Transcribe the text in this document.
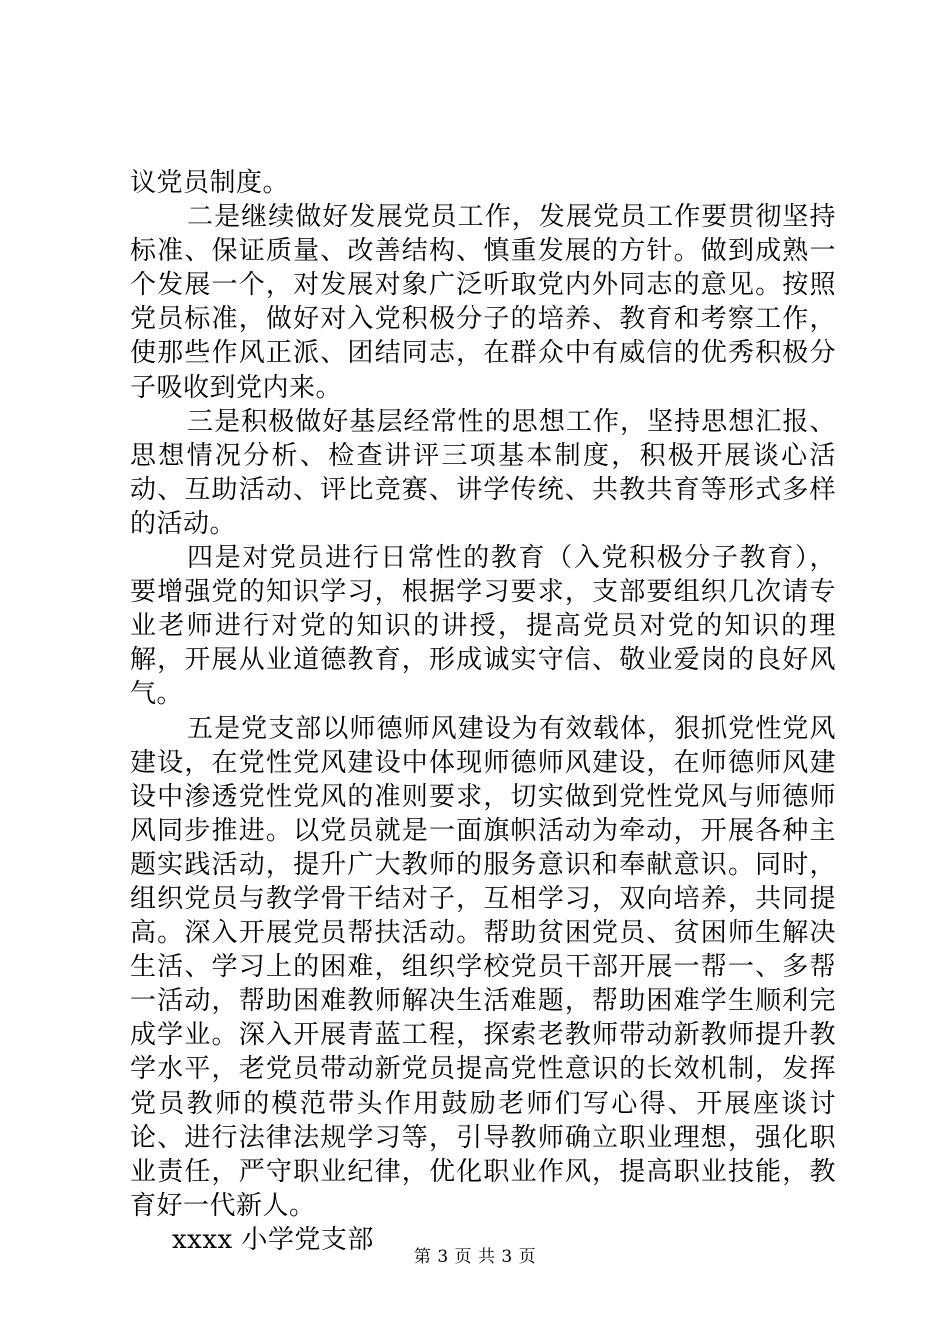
议党员制度。

二是继续做好发展党员工作，发展党员工作要贯彻坚持标准、保证质量、改善结构、慎重发展的方针。做到成熟一个发展一个，对发展对象广泛听取党内外同志的意见。按照党员标准，做好对入党积极分子的培养、教育和考察工作，使那些作风正派、团结同志，在群众中有威信的优秀积极分子吸收到党内来。

三是积极做好基层经常性的思想工作，坚持思想汇报、思想情况分析、检查讲评三项基本制度，积极开展谈心活动、互助活动、评比竞赛、讲学传统、共教共育等形式多样的活动。

四是对党员进行日常性的教育（入党积极分子教育），要增强党的知识学习，根据学习要求，支部要组织几次请专业老师进行对党的知识的讲授，提高党员对党的知识的理解，开展从业道德教育，形成诚实守信、敬业爱岗的良好风气。

五是党支部以师德师风建设为有效载体，狠抓党性党风建设，在党性党风建设中体现师德师风建设，在师德师风建设中渗透党性党风的准则要求，切实做到党性党风与师德师风同步推进。以党员就是一面旗帜活动为牵动，开展各种主题实践活动，提升广大教师的服务意识和奉献意识。同时，组织党员与教学骨干结对子，互相学习，双向培养，共同提高。深入开展党员帮扶活动。帮助贫困党员、贫困师生解决生活、学习上的困难，组织学校党员干部开展一帮一、多帮一活动，帮助困难教师解决生活难题，帮助困难学生顺利完成学业。深入开展青蓝工程，探索老教师带动新教师提升教学水平，老党员带动新党员提高党性意识的长效机制，发挥党员教师的模范带头作用鼓励老师们写心得、开展座谈讨论、进行法律法规学习等，引导教师确立职业理想，强化职业责任，严守职业纪律，优化职业作风，提高职业技能，教育好一代新人。

xxxx 小学党支部

第 3 页 共 3 页
